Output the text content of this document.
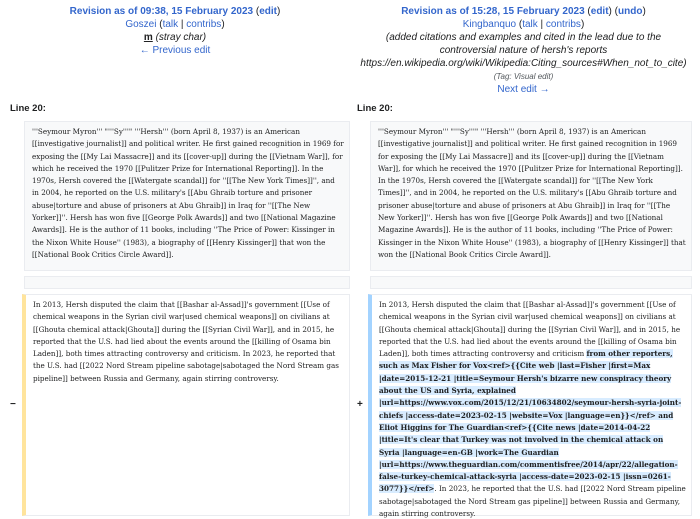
Revision as of 09:38, 15 February 2023 (edit)
Goszei (talk | contribs)
m (stray char)
← Previous edit
Revision as of 15:28, 15 February 2023 (edit) (undo)
Kingbanquo (talk | contribs)
(added citations and examples and cited in the lead due to the controversial nature of hersh's reports https://en.wikipedia.org/wiki/Wikipedia:Citing_sources#When_not_to_cite)
(Tag: Visual edit)
Next edit →
Line 20:	Line 20:
'''Seymour Myron''' "'''Sy'''" '''Hersh''' (born April 8, 1937) is an American [[investigative journalist]] and political writer. He first gained recognition in 1969 for exposing the [[My Lai Massacre]] and its [[cover-up]] during the [[Vietnam War]], for which he received the 1970 [[Pulitzer Prize for International Reporting]]. In the 1970s, Hersh covered the [[Watergate scandal]] for ''[[The New York Times]]'', and in 2004, he reported on the U.S. military's [[Abu Ghraib torture and prisoner abuse|torture and abuse of prisoners at Abu Ghraib]] in Iraq for ''[[The New Yorker]]''. Hersh has won five [[George Polk Awards]] and two [[National Magazine Awards]]. He is the author of 11 books, including ''The Price of Power: Kissinger in the Nixon White House'' (1983), a biography of [[Henry Kissinger]] that won the [[National Book Critics Circle Award]].
'''Seymour Myron''' "'''Sy'''" '''Hersh''' (born April 8, 1937) is an American [[investigative journalist]] and political writer. He first gained recognition in 1969 for exposing the [[My Lai Massacre]] and its [[cover-up]] during the [[Vietnam War]], for which he received the 1970 [[Pulitzer Prize for International Reporting]]. In the 1970s, Hersh covered the [[Watergate scandal]] for ''[[The New York Times]]'', and in 2004, he reported on the U.S. military's [[Abu Ghraib torture and prisoner abuse|torture and abuse of prisoners at Abu Ghraib]] in Iraq for ''[[The New Yorker]]''. Hersh has won five [[George Polk Awards]] and two [[National Magazine Awards]]. He is the author of 11 books, including ''The Price of Power: Kissinger in the Nixon White House'' (1983), a biography of [[Henry Kissinger]] that won the [[National Book Critics Circle Award]].
−
In 2013, Hersh disputed the claim that [[Bashar al-Assad]]'s government [[Use of chemical weapons in the Syrian civil war|used chemical weapons]] on civilians at [[Ghouta chemical attack|Ghouta]] during the [[Syrian Civil War]], and in 2015, he reported that the U.S. had lied about the events around the [[killing of Osama bin Laden]], both times attracting controversy and criticism. In 2023, he reported that the U.S. had [[2022 Nord Stream pipeline sabotage|sabotaged the Nord Stream gas pipeline]] between Russia and Germany, again stirring controversy.
+
In 2013, Hersh disputed the claim that [[Bashar al-Assad]]'s government [[Use of chemical weapons in the Syrian civil war|used chemical weapons]] on civilians at [[Ghouta chemical attack|Ghouta]] during the [[Syrian Civil War]], and in 2015, he reported that the U.S. had lied about the events around the [[killing of Osama bin Laden]], both times attracting controversy and criticism from other reporters, such as Max Fisher for Vox<ref>{{Cite web |last=Fisher |first=Max |date=2015-12-21 |title=Seymour Hersh's bizarre new conspiracy theory about the US and Syria, explained |url=https://www.vox.com/2015/12/21/10634802/seymour-hersh-syria-joint-chiefs |access-date=2023-02-15 |website=Vox |language=en}}</ref> and Eliot Higgins for The Guardian<ref>{{Cite news |date=2014-04-22 |title=It's clear that Turkey was not involved in the chemical attack on Syria |language=en-GB |work=The Guardian |url=https://www.theguardian.com/commentisfree/2014/apr/22/allegation-false-turkey-chemical-attack-syria |access-date=2023-02-15 |issn=0261-3077}}</ref>. In 2023, he reported that the U.S. had [[2022 Nord Stream pipeline sabotage|sabotaged the Nord Stream gas pipeline]] between Russia and Germany, again stirring controversy.
